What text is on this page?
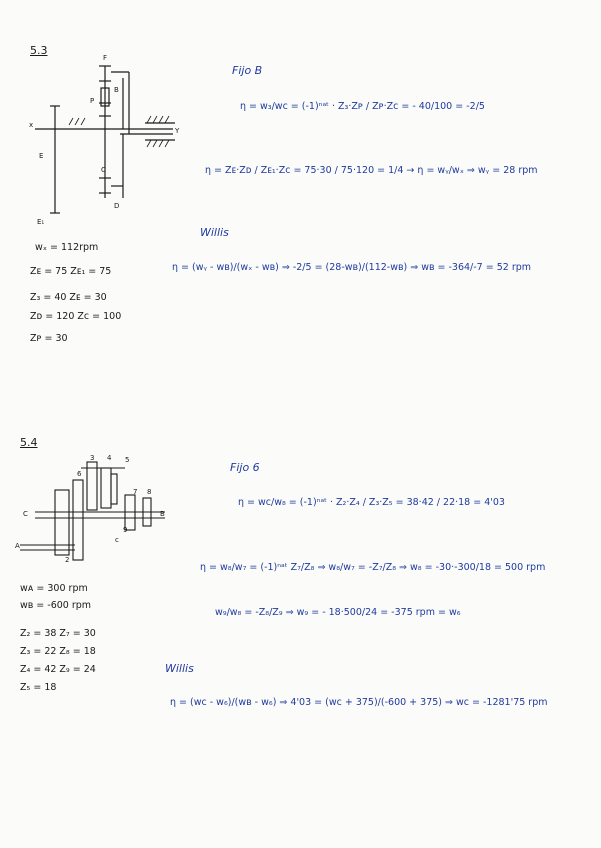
5.3
F
B
P
C
D
E
E₁
x
Y
wₓ = 112rpm
Zᴇ = 75 Zᴇ₁ = 75
Z₃ = 40 Zᴇ = 30
Zᴅ = 120 Zᴄ = 100
Zᴘ = 30
Fijo B
η = w₃/wᴄ = (-1)ⁿᵃᵗ · Z₃·Zᴘ / Zᴘ·Zᴄ = - 40/100 = -2/5
η = Zᴇ·Zᴅ / Zᴇ₁·Zᴄ = 75·30 / 75·120 = 1/4 → η = wᵧ/wₓ ⇒ wᵧ = 28 rpm
Willis
η = (wᵧ - wʙ)/(wₓ - wʙ) ⇒ -2/5 = (28-wʙ)/(112-wʙ) ⇒ wʙ = -364/-7 = 52 rpm
5.4
C
A
B
3 4 5
6
7 8
9
2
c
wᴀ = 300 rpm
wʙ = -600 rpm
Z₂ = 38 Z₇ = 30
Z₃ = 22 Z₈ = 18
Z₄ = 42 Z₉ = 24
Z₅ = 18
Fijo 6
η = wᴄ/w₈ = (-1)ⁿᵃᵗ · Z₂·Z₄ / Z₃·Z₅ = 38·42 / 22·18 = 4'03
η = w₈/w₇ = (-1)ⁿᵃᵗ Z₇/Z₈ ⇒ w₈/w₇ = -Z₇/Z₈ ⇒ w₈ = -30·-300/18 = 500 rpm
w₉/w₈ = -Z₈/Z₉ ⇒ w₉ = - 18·500/24 = -375 rpm = w₆
Willis
η = (wᴄ - w₆)/(wʙ - w₆) ⇒ 4'03 = (wᴄ + 375)/(-600 + 375) ⇒ wᴄ = -1281'75 rpm
